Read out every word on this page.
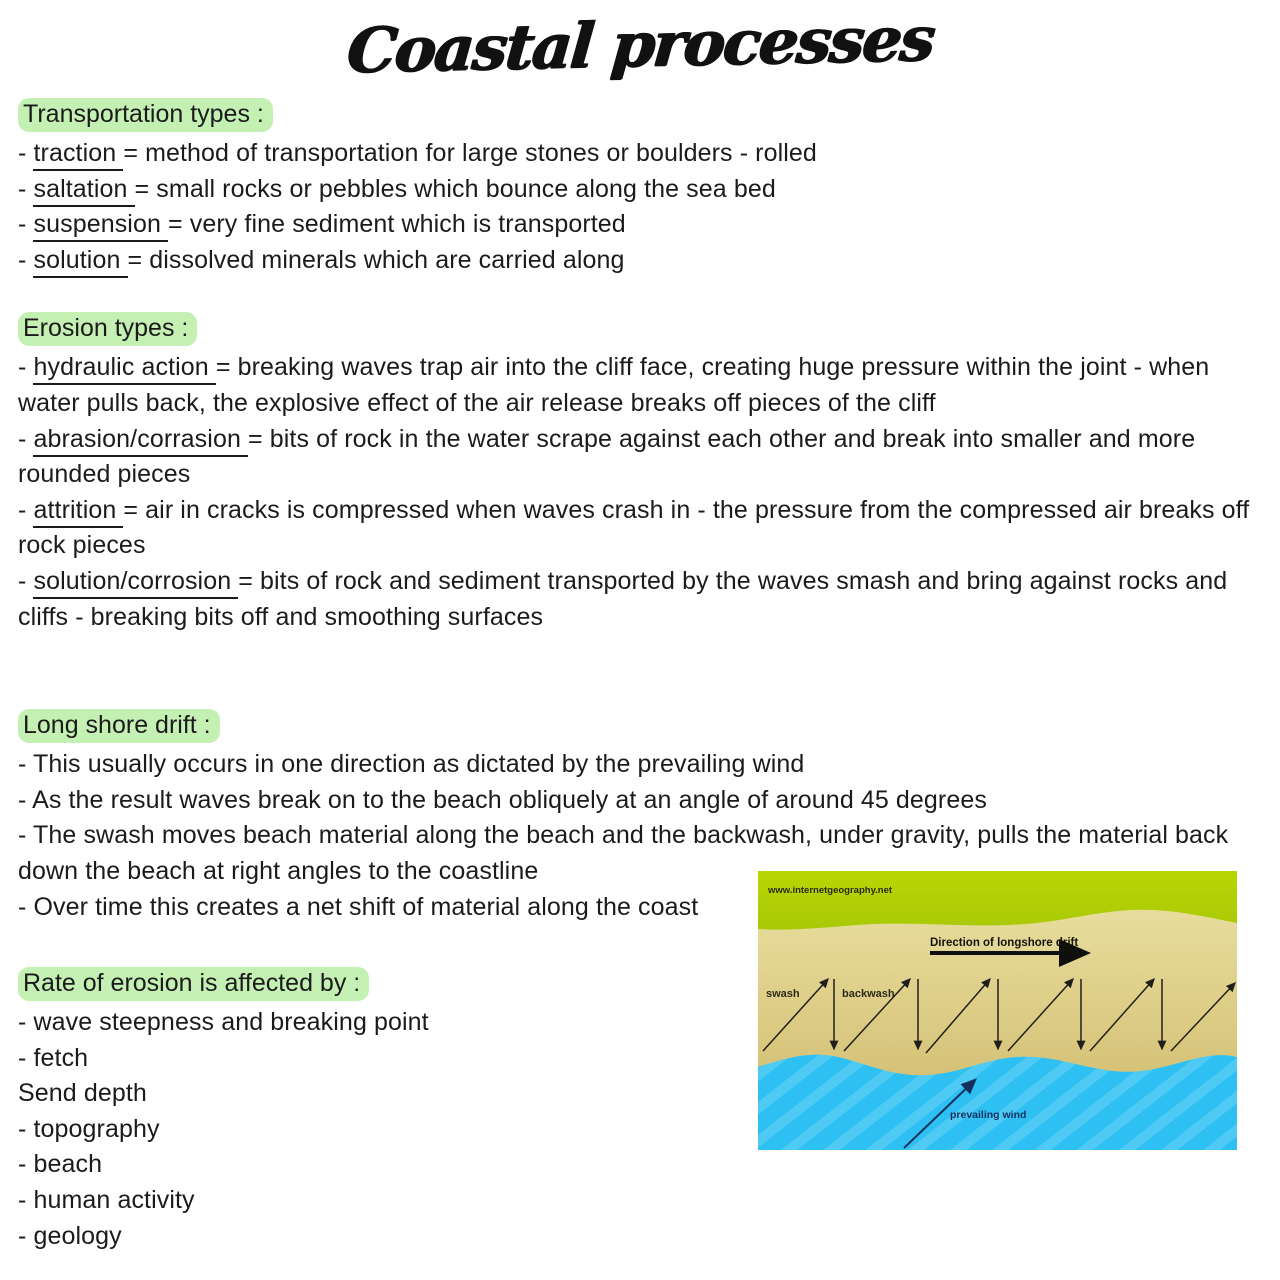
Coastal processes
Transportation types :
- traction = method of transportation for large stones or boulders - rolled
- saltation = small rocks or pebbles which bounce along the sea bed
- suspension = very fine sediment which is transported
- solution = dissolved minerals which are carried along
Erosion types :
- hydraulic action = breaking waves trap air into the cliff face, creating huge pressure within the joint - when
water pulls back, the explosive effect of the air release breaks off pieces of the cliff
- abrasion/corrasion = bits of rock in the water scrape against each other and break into smaller and more
rounded pieces
- attrition = air in cracks is compressed when waves crash in - the pressure from the compressed air breaks off
rock pieces
- solution/corrosion = bits of rock and sediment transported by the waves smash and bring against rocks and
cliffs - breaking bits off and smoothing surfaces
Long shore drift :
- This usually occurs in one direction as dictated by the prevailing wind
- As the result waves break on to the beach obliquely at an angle of around 45 degrees
- The swash moves beach material along the beach and the backwash, under gravity, pulls the material back
down the beach at right angles to the coastline
- Over time this creates a net shift of material along the coast
Rate of erosion is affected by :
- wave steepness and breaking point
- fetch
Send depth
- topography
- beach
- human activity
- geology
www.internetgeography.net
Direction of longshore drift
swash	backwash
prevailing wind
